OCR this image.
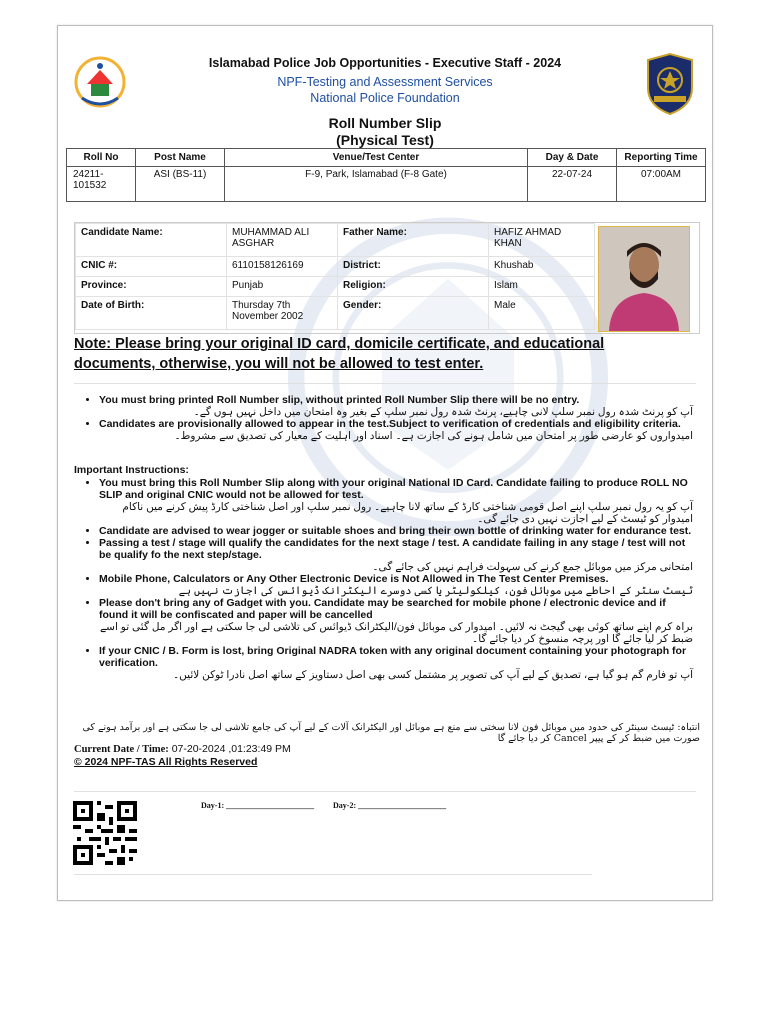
Islamabad Police Job Opportunities - Executive Staff - 2024
NPF-Testing and Assessment Services
National Police Foundation
Roll Number Slip
(Physical Test)
Roll No	Post Name	Venue/Test Center	Day & Date	Reporting Time
24211-101532	ASI (BS-11)	F-9, Park, Islamabad (F-8 Gate)	22-07-24	07:00AM
Candidate Name:	MUHAMMAD ALI ASGHAR	Father Name:	HAFIZ AHMAD KHAN
CNIC #:	6110158126169	District:	Khushab
Province:	Punjab	Religion:	Islam
Date of Birth:	Thursday 7th November 2002	Gender:	Male
Note: Please bring your original ID card, domicile certificate, and educational documents, otherwise, you will not be allowed to test enter.
• You must bring printed Roll Number slip, without printed Roll Number Slip there will be no entry.
آپ کو پرنٹ شدہ رول نمبر سلپ لانی چاہیے، پرنٹ شدہ رول نمبر سلپ کے بغیر وہ امتحان میں داخل نہیں ہوں گے۔
• Candidates are provisionally allowed to appear in the test.Subject to verification of credentials and eligibility criteria.
امیدواروں کو عارضی طور پر امتحان میں شامل ہونے کی اجازت ہے۔ اسناد اور اہلیت کے معیار کی تصدیق سے مشروط۔
Important Instructions:
• You must bring this Roll Number Slip along with your original National ID Card. Candidate failing to produce ROLL NO SLIP and original CNIC would not be allowed for test.
آپ کو یہ رول نمبر سلپ اپنے اصل قومی شناختی کارڈ کے ساتھ لانا چاہیے۔ رول نمبر سلپ اور اصل شناختی کارڈ پیش کرنے میں ناکام امیدوار کو ٹیسٹ کے لیے اجازت نہیں دی جائے گی۔
• Candidate are advised to wear jogger or suitable shoes and bring their own bottle of drinking water for endurance test.
• Passing a test / stage will qualify the candidates for the next stage / test. A candidate failing in any stage / test will not be qualify fo the next step/stage.
امتحانی مرکز میں موبائل جمع کرنے کی سہولت فراہم نہیں کی جائے گی۔
• Mobile Phone, Calculators or Any Other Electronic Device is Not Allowed in The Test Center Premises.
ٹیسٹ سنٹر کے احاطے میں موبائل فون، کیلکولیٹر یا کسی دوسرے الیکٹرانک ڈیوائس کی اجازت نہیں ہے
• Please don't bring any of Gadget with you. Candidate may be searched for mobile phone / electronic device and if found it will be confiscated and paper will be cancelled
براہ کرم اپنے ساتھ کوئی بھی گیجٹ نہ لائیں۔ امیدوار کی موبائل فون/الیکٹرانک ڈیوائس کی تلاشی لی جا سکتی ہے اور اگر مل گئی تو اسے ضبط کر لیا جائے گا اور پرچہ منسوخ کر دیا جائے گا۔
• If your CNIC / B. Form is lost, bring Original NADRA token with any original document containing your photograph for verification.
آپ تو فارم گم ہو گیا ہے، تصدیق کے لیے آپ کی تصویر پر مشتمل کسی بھی اصل دستاویز کے ساتھ اصل نادرا ٹوکن لائیں۔
انتباہ: ٹیسٹ سینٹر کی حدود میں موبائل فون لانا سختی سے منع ہے موبائل اور الیکٹرانک آلات کے لیے آپ کی جامع تلاشی لی جا سکتی ہے اور برآمد ہونے کی صورت میں ضبط کر کے پیپر Cancel کر دیا جائے گا
Current Date / Time: 07-20-2024 ,01:23:49 PM
© 2024 NPF-TAS All Rights Reserved
Day-1: ______________________ Day-2: ______________________
